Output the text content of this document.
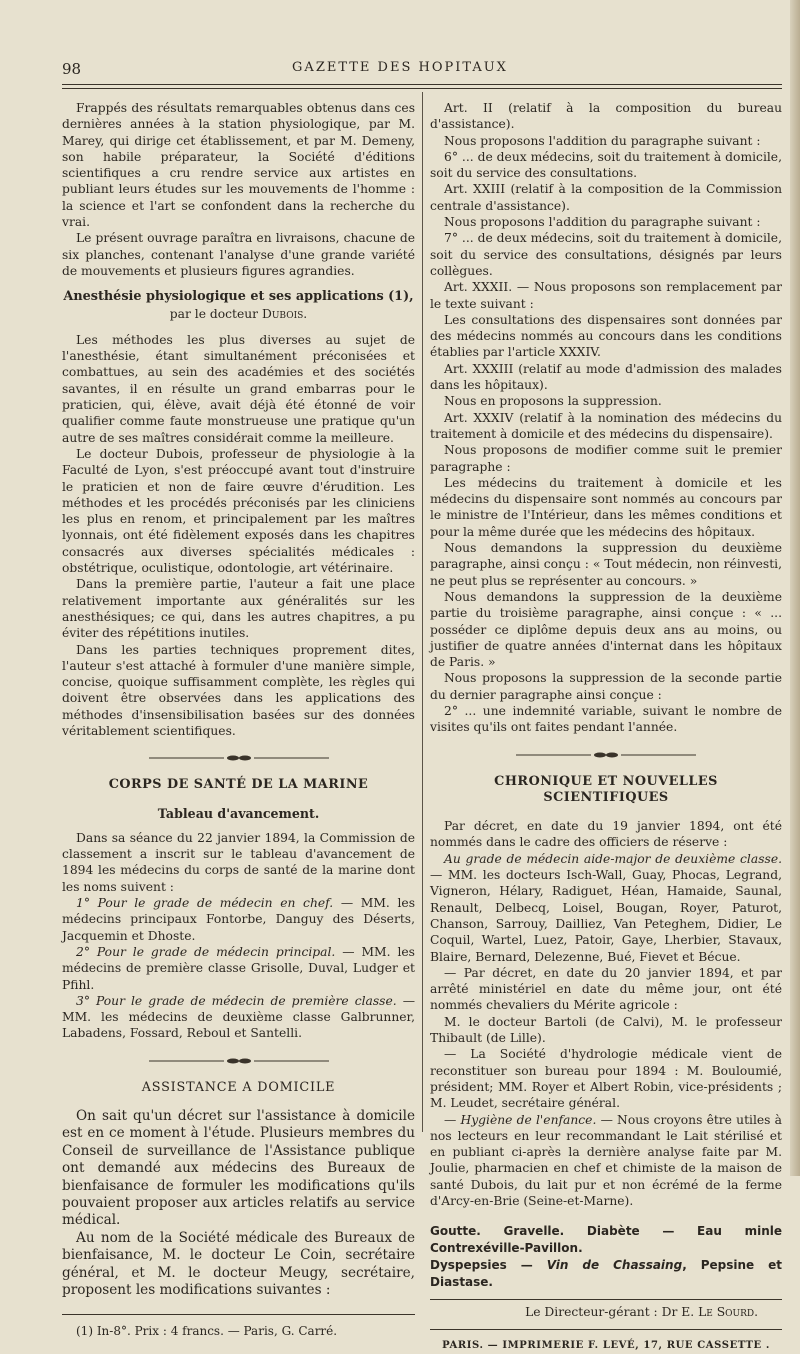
98	GAZETTE DES HOPITAUX

Frappés des résultats remarquables obtenus dans ces dernières années à la station physiologique, par M. Marey, qui dirige cet établissement, et par M. Demeny, son habile préparateur, la Société d'éditions scientifiques a cru rendre service aux artistes en publiant leurs études sur les mouvements de l'homme : la science et l'art se confondent dans la recherche du vrai.

Le présent ouvrage paraîtra en livraisons, chacune de six planches, contenant l'analyse d'une grande variété de mouvements et plusieurs figures agrandies.

Anesthésie physiologique et ses applications (1),
par le docteur Dubois.

Les méthodes les plus diverses au sujet de l'anesthésie, étant simultanément préconisées et combattues, au sein des académies et des sociétés savantes, il en résulte un grand embarras pour le praticien, qui, élève, avait déjà été étonné de voir qualifier comme faute monstrueuse une pratique qu'un autre de ses maîtres considérait comme la meilleure.

Le docteur Dubois, professeur de physiologie à la Faculté de Lyon, s'est préoccupé avant tout d'instruire le praticien et non de faire œuvre d'érudition. Les méthodes et les procédés préconisés par les cliniciens les plus en renom, et principalement par les maîtres lyonnais, ont été fidèlement exposés dans les chapitres consacrés aux diverses spécialités médicales : obstétrique, oculistique, odontologie, art vétérinaire.

Dans la première partie, l'auteur a fait une place relativement importante aux généralités sur les anesthésiques; ce qui, dans les autres chapitres, a pu éviter des répétitions inutiles.

Dans les parties techniques proprement dites, l'auteur s'est attaché à formuler d'une manière simple, concise, quoique suffisamment complète, les règles qui doivent être observées dans les applications des méthodes d'insensibilisation basées sur des données véritablement scientifiques.

CORPS DE SANTÉ DE LA MARINE
Tableau d'avancement.

Dans sa séance du 22 janvier 1894, la Commission de classement a inscrit sur le tableau d'avancement de 1894 les médecins du corps de santé de la marine dont les noms suivent :

1° Pour le grade de médecin en chef. — MM. les médecins principaux Fontorbe, Danguy des Déserts, Jacquemin et Dhoste.

2° Pour le grade de médecin principal. — MM. les médecins de première classe Grisolle, Duval, Ludger et Pfihl.

3° Pour le grade de médecin de première classe. — MM. les médecins de deuxième classe Galbrunner, Labadens, Fossard, Reboul et Santelli.

ASSISTANCE A DOMICILE

On sait qu'un décret sur l'assistance à domicile est en ce moment à l'étude. Plusieurs membres du Conseil de surveillance de l'Assistance publique ont demandé aux médecins des Bureaux de bienfaisance de formuler les modifications qu'ils pouvaient proposer aux articles relatifs au service médical.

Au nom de la Société médicale des Bureaux de bienfaisance, M. le docteur Le Coin, secrétaire général, et M. le docteur Meugy, secrétaire, proposent les modifications suivantes :

(1) In-8°. Prix : 4 francs. — Paris, G. Carré.

Art. II (relatif à la composition du bureau d'assistance).

Nous proposons l'addition du paragraphe suivant :

6° ... de deux médecins, soit du traitement à domicile, soit du service des consultations.

Art. XXIII (relatif à la composition de la Commission centrale d'assistance).

Nous proposons l'addition du paragraphe suivant :

7° ... de deux médecins, soit du traitement à domicile, soit du service des consultations, désignés par leurs collègues.

Art. XXXII. — Nous proposons son remplacement par le texte suivant :

Les consultations des dispensaires sont données par des médecins nommés au concours dans les conditions établies par l'article XXXIV.

Art. XXXIII (relatif au mode d'admission des malades dans les hôpitaux).

Nous en proposons la suppression.

Art. XXXIV (relatif à la nomination des médecins du traitement à domicile et des médecins du dispensaire).

Nous proposons de modifier comme suit le premier paragraphe :

Les médecins du traitement à domicile et les médecins du dispensaire sont nommés au concours par le ministre de l'Intérieur, dans les mêmes conditions et pour la même durée que les médecins des hôpitaux.

Nous demandons la suppression du deuxième paragraphe, ainsi conçu : « Tout médecin, non réinvesti, ne peut plus se représenter au concours. »

Nous demandons la suppression de la deuxième partie du troisième paragraphe, ainsi conçue : « ... posséder ce diplôme depuis deux ans au moins, ou justifier de quatre années d'internat dans les hôpitaux de Paris. »

Nous proposons la suppression de la seconde partie du dernier paragraphe ainsi conçue :

2° ... une indemnité variable, suivant le nombre de visites qu'ils ont faites pendant l'année.

CHRONIQUE ET NOUVELLES SCIENTIFIQUES

Par décret, en date du 19 janvier 1894, ont été nommés dans le cadre des officiers de réserve :

Au grade de médecin aide-major de deuxième classe. — MM. les docteurs Isch-Wall, Guay, Phocas, Legrand, Vigneron, Hélary, Radiguet, Héan, Hamaide, Saunal, Renault, Delbecq, Loisel, Bougan, Royer, Paturot, Chanson, Sarrouy, Dailliez, Van Peteghem, Didier, Le Coquil, Wartel, Luez, Patoir, Gaye, Lherbier, Stavaux, Blaire, Bernard, Delezenne, Bué, Fievet et Bécue.

— Par décret, en date du 20 janvier 1894, et par arrêté ministériel en date du même jour, ont été nommés chevaliers du Mérite agricole :

M. le docteur Bartoli (de Calvi), M. le professeur Thibault (de Lille).

— La Société d'hydrologie médicale vient de reconstituer son bureau pour 1894 : M. Bouloumié, président; MM. Royer et Albert Robin, vice-présidents ; M. Leudet, secrétaire général.

— Hygiène de l'enfance. — Nous croyons être utiles à nos lecteurs en leur recommandant le Lait stérilisé et en publiant ci-après la dernière analyse faite par M. Joulie, pharmacien en chef et chimiste de la maison de santé Dubois, du lait pur et non écrémé de la ferme d'Arcy-en-Brie (Seine-et-Marne).

Goutte. Gravelle. Diabète — Eau minle Contrexéville-Pavillon.
Dyspepsies — Vin de Chassaing, Pepsine et Diastase.
Le Directeur-gérant : Dr E. Le Sourd.
PARIS. — IMPRIMERIE F. LEVÉ, 17, RUE CASSETTE .
